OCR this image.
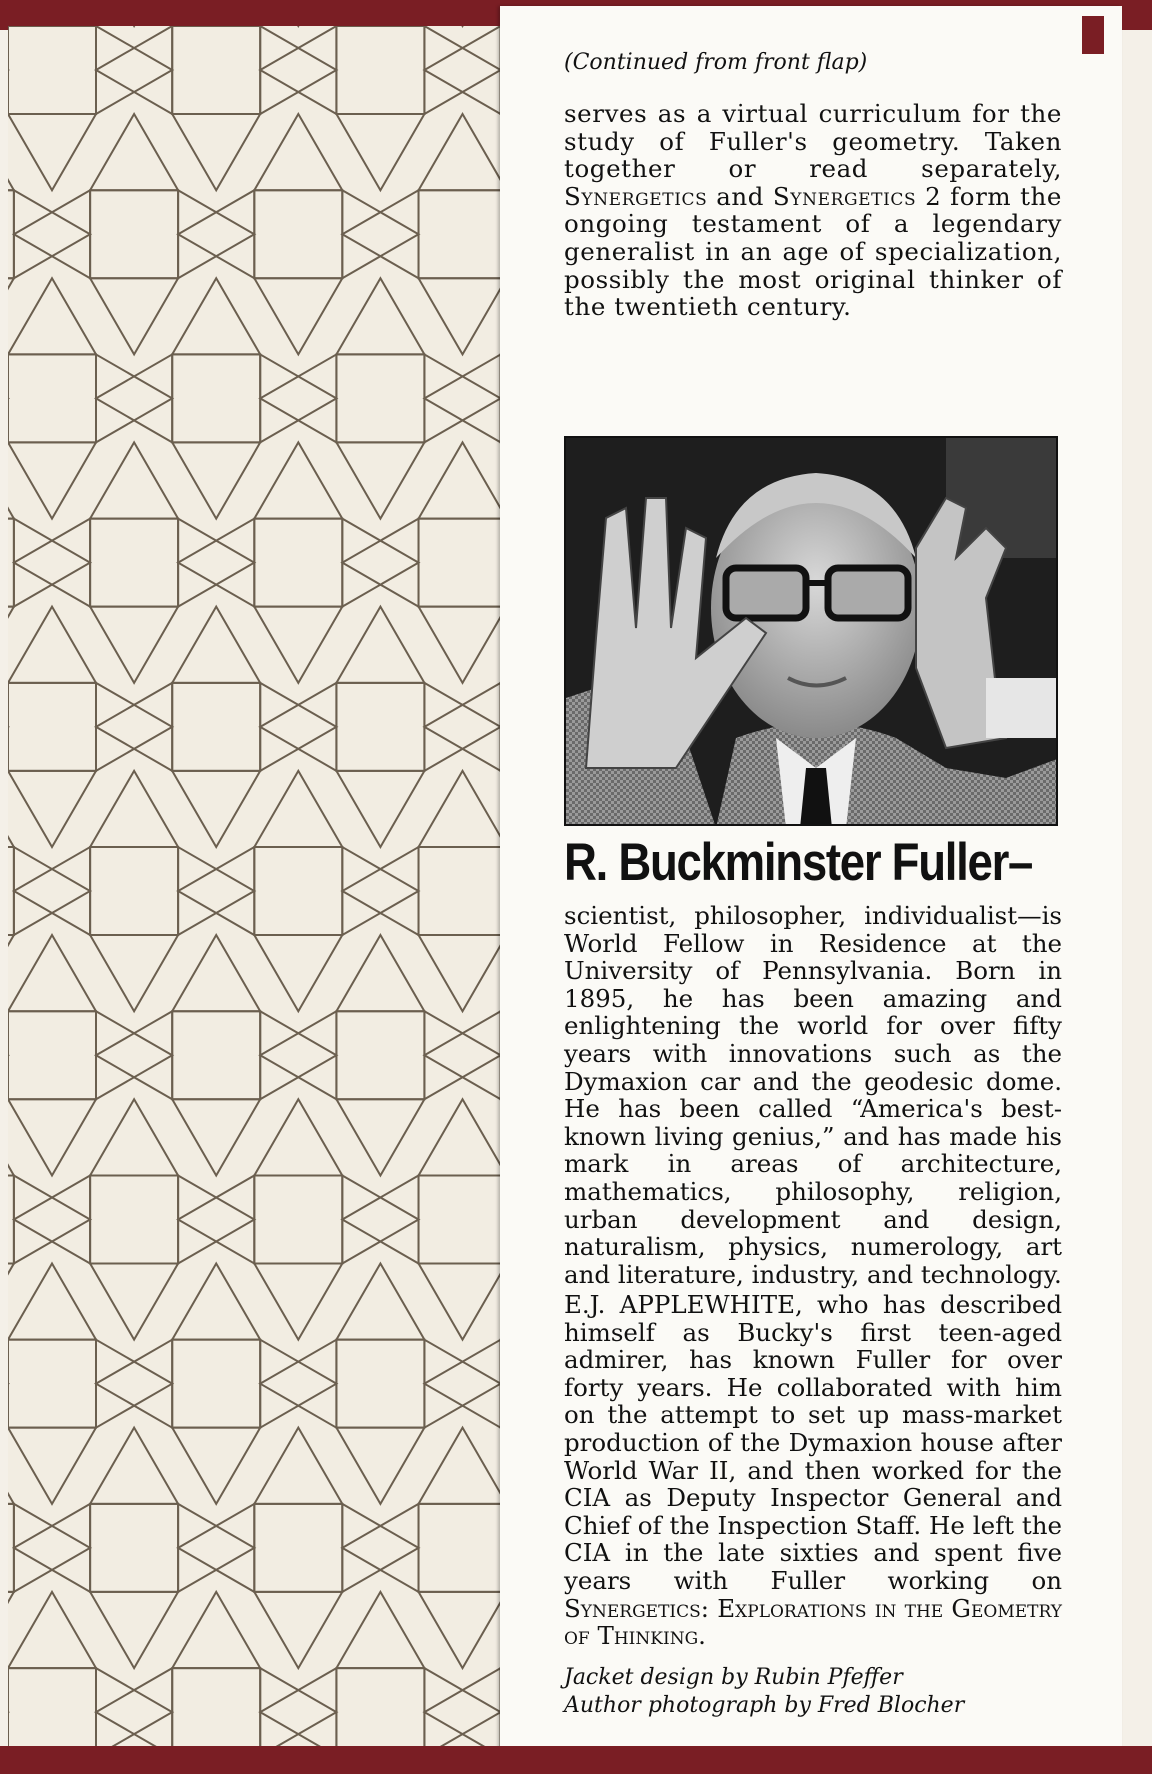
(Continued from front flap)

serves as a virtual curriculum for the study of Fuller's geometry. Taken together or read separately, Synergetics and Synergetics 2 form the ongoing testament of a legendary generalist in an age of specialization, possibly the most original thinker of the twentieth century.

R. Buckminster Fuller–

scientist, philosopher, individualist—is World Fellow in Residence at the University of Pennsylvania. Born in 1895, he has been amazing and enlightening the world for over fifty years with innovations such as the Dymaxion car and the geodesic dome. He has been called “America's best-known living genius,” and has made his mark in areas of architecture, mathematics, philosophy, religion, urban development and design, naturalism, physics, numerology, art and literature, industry, and technology.

E.J. APPLEWHITE, who has described himself as Bucky's first teen-aged admirer, has known Fuller for over forty years. He collaborated with him on the attempt to set up mass-market production of the Dymaxion house after World War II, and then worked for the CIA as Deputy Inspector General and Chief of the Inspection Staff. He left the CIA in the late sixties and spent five years with Fuller working on Synergetics: Explorations in the Geometry of Thinking.

Jacket design by Rubin Pfeffer
Author photograph by Fred Blocher
